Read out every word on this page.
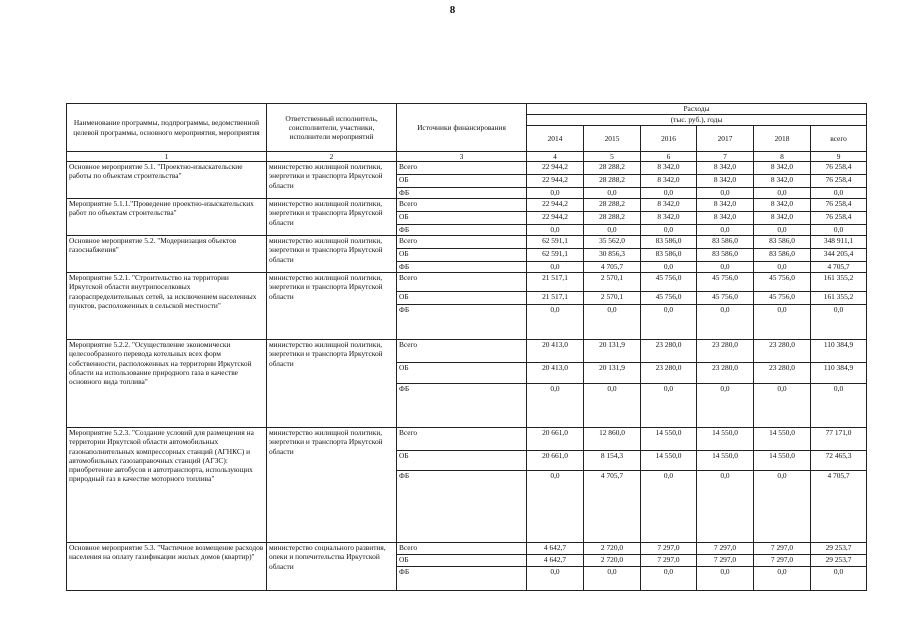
8
Наименование программы, подпрограммы, ведомственной целевой программы, основного мероприятия, мероприятия	Ответственный исполнитель, соисполнители, участники, исполнители мероприятий	Источники финансирования	Расходы					
			(тыс. руб.), годы					
			2014	2015	2016	2017	2018	всего
1	2	3	4	5	6	7	8	9
Основное мероприятие 5.1. "Проектно-изыскательские работы по объектам строительства"	министерство жилищной политики, энергетики и транспорта Иркутской области	Всего	22 944,2	28 288,2	8 342,0	8 342,0	8 342,0	76 258,4
		ОБ	22 944,2	28 288,2	8 342,0	8 342,0	8 342,0	76 258,4
		ФБ	0,0	0,0	0,0	0,0	0,0	0,0
Мероприятие 5.1.1."Проведение проектно-изыскательских работ по объектам строительства"	министерство жилищной политики, энергетики и транспорта Иркутской области	Всего	22 944,2	28 288,2	8 342,0	8 342,0	8 342,0	76 258,4
		ОБ	22 944,2	28 288,2	8 342,0	8 342,0	8 342,0	76 258,4
		ФБ	0,0	0,0	0,0	0,0	0,0	0,0
Основное мероприятие 5.2. "Модернизация объектов газоснабжения"	министерство жилищной политики, энергетики и транспорта Иркутской области	Всего	62 591,1	35 562,0	83 586,0	83 586,0	83 586,0	348 911,1
		ОБ	62 591,1	30 856,3	83 586,0	83 586,0	83 586,0	344 205,4
		ФБ	0,0	4 705,7	0,0	0,0	0,0	4 705,7
Мероприятие 5.2.1. "Строительство на территории Иркутской области внутрипоселковых газораспределительных сетей, за исключением населенных пунктов, расположенных в сельской местности"	министерство жилищной политики, энергетики и транспорта Иркутской области	Всего	21 517,1	2 570,1	45 756,0	45 756,0	45 756,0	161 355,2
		ОБ	21 517,1	2 570,1	45 756,0	45 756,0	45 756,0	161 355,2
		ФБ	0,0	0,0	0,0	0,0	0,0	0,0
Мероприятие 5.2.2. "Осуществление экономически целесообразного перевода котельных всех форм собственности, расположенных на территории Иркутской области на использование природного газа в качестве основного вида топлива"	министерство жилищной политики, энергетики и транспорта Иркутской области	Всего	20 413,0	20 131,9	23 280,0	23 280,0	23 280,0	110 384,9
		ОБ	20 413,0	20 131,9	23 280,0	23 280,0	23 280,0	110 384,9
		ФБ	0,0	0,0	0,0	0,0	0,0	0,0
Мероприятие 5.2.3. "Создание условий для размещения на территории Иркутской области автомобильных газонаполнительных компрессорных станций (АГНКС) и автомобильных газозаправочных станций (АГЗС): приобретение автобусов и автотранспорта, использующих природный газ в качестве моторного топлива"	министерство жилищной политики, энергетики и транспорта Иркутской области	Всего	20 661,0	12 860,0	14 550,0	14 550,0	14 550,0	77 171,0
		ОБ	20 661,0	8 154,3	14 550,0	14 550,0	14 550,0	72 465,3
		ФБ	0,0	4 705,7	0,0	0,0	0,0	4 705,7
Основное мероприятие 5.3. "Частичное возмещение расходов населения на оплату газификации жилых домов (квартир)"	министерство социального развития, опеки и попечительства Иркутской области	Всего	4 642,7	2 720,0	7 297,0	7 297,0	7 297,0	29 253,7
		ОБ	4 642,7	2 720,0	7 297,0	7 297,0	7 297,0	29 253,7
		ФБ	0,0	0,0	0,0	0,0	0,0	0,0
